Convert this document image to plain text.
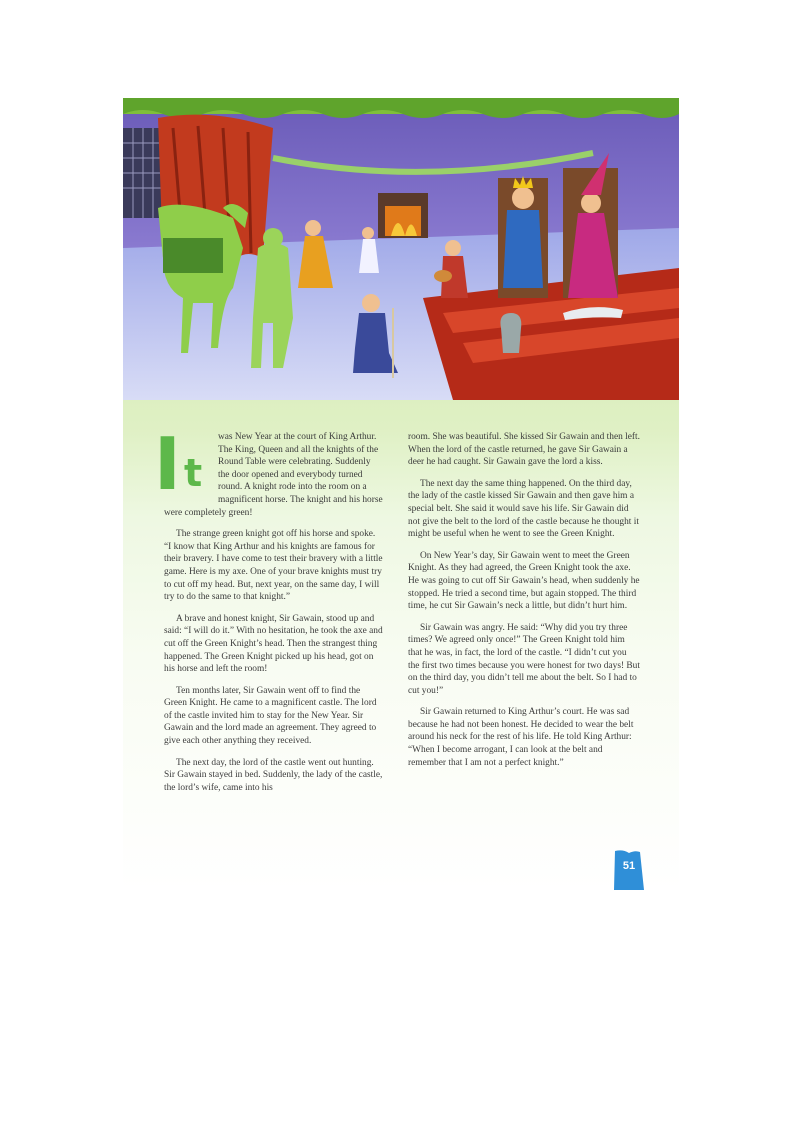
I t
was New Year at the court of King Arthur. The King, Queen and all the knights of the Round Table were celebrating. Suddenly the door opened and everybody turned round. A knight rode into the room on a magnificent horse. The knight and his horse were completely green!

The strange green knight got off his horse and spoke. “I know that King Arthur and his knights are famous for their bravery. I have come to test their bravery with a little game. Here is my axe. One of your brave knights must try to cut off my head. But, next year, on the same day, I will try to do the same to that knight.”

A brave and honest knight, Sir Gawain, stood up and said: “I will do it.” With no hesitation, he took the axe and cut off the Green Knight’s head. Then the strangest thing happened. The Green Knight picked up his head, got on his horse and left the room!

Ten months later, Sir Gawain went off to find the Green Knight. He came to a magnificent castle. The lord of the castle invited him to stay for the New Year. Sir Gawain and the lord made an agreement. They agreed to give each other anything they received.

The next day, the lord of the castle went out hunting. Sir Gawain stayed in bed. Suddenly, the lady of the castle, the lord’s wife, came into his

room. She was beautiful. She kissed Sir Gawain and then left. When the lord of the castle returned, he gave Sir Gawain a deer he had caught. Sir Gawain gave the lord a kiss.

The next day the same thing happened. On the third day, the lady of the castle kissed Sir Gawain and then gave him a special belt. She said it would save his life. Sir Gawain did not give the belt to the lord of the castle because he thought it might be useful when he went to see the Green Knight.

On New Year’s day, Sir Gawain went to meet the Green Knight. As they had agreed, the Green Knight took the axe. He was going to cut off Sir Gawain’s head, when suddenly he stopped. He tried a second time, but again stopped. The third time, he cut Sir Gawain’s neck a little, but didn’t hurt him.

Sir Gawain was angry. He said: “Why did you try three times? We agreed only once!” The Green Knight told him that he was, in fact, the lord of the castle. “I didn’t cut you the first two times because you were honest for two days! But on the third day, you didn’t tell me about the belt. So I had to cut you!”

Sir Gawain returned to King Arthur’s court. He was sad because he had not been honest. He decided to wear the belt around his neck for the rest of his life. He told King Arthur: “When I become arrogant, I can look at the belt and remember that I am not a perfect knight.”

51
